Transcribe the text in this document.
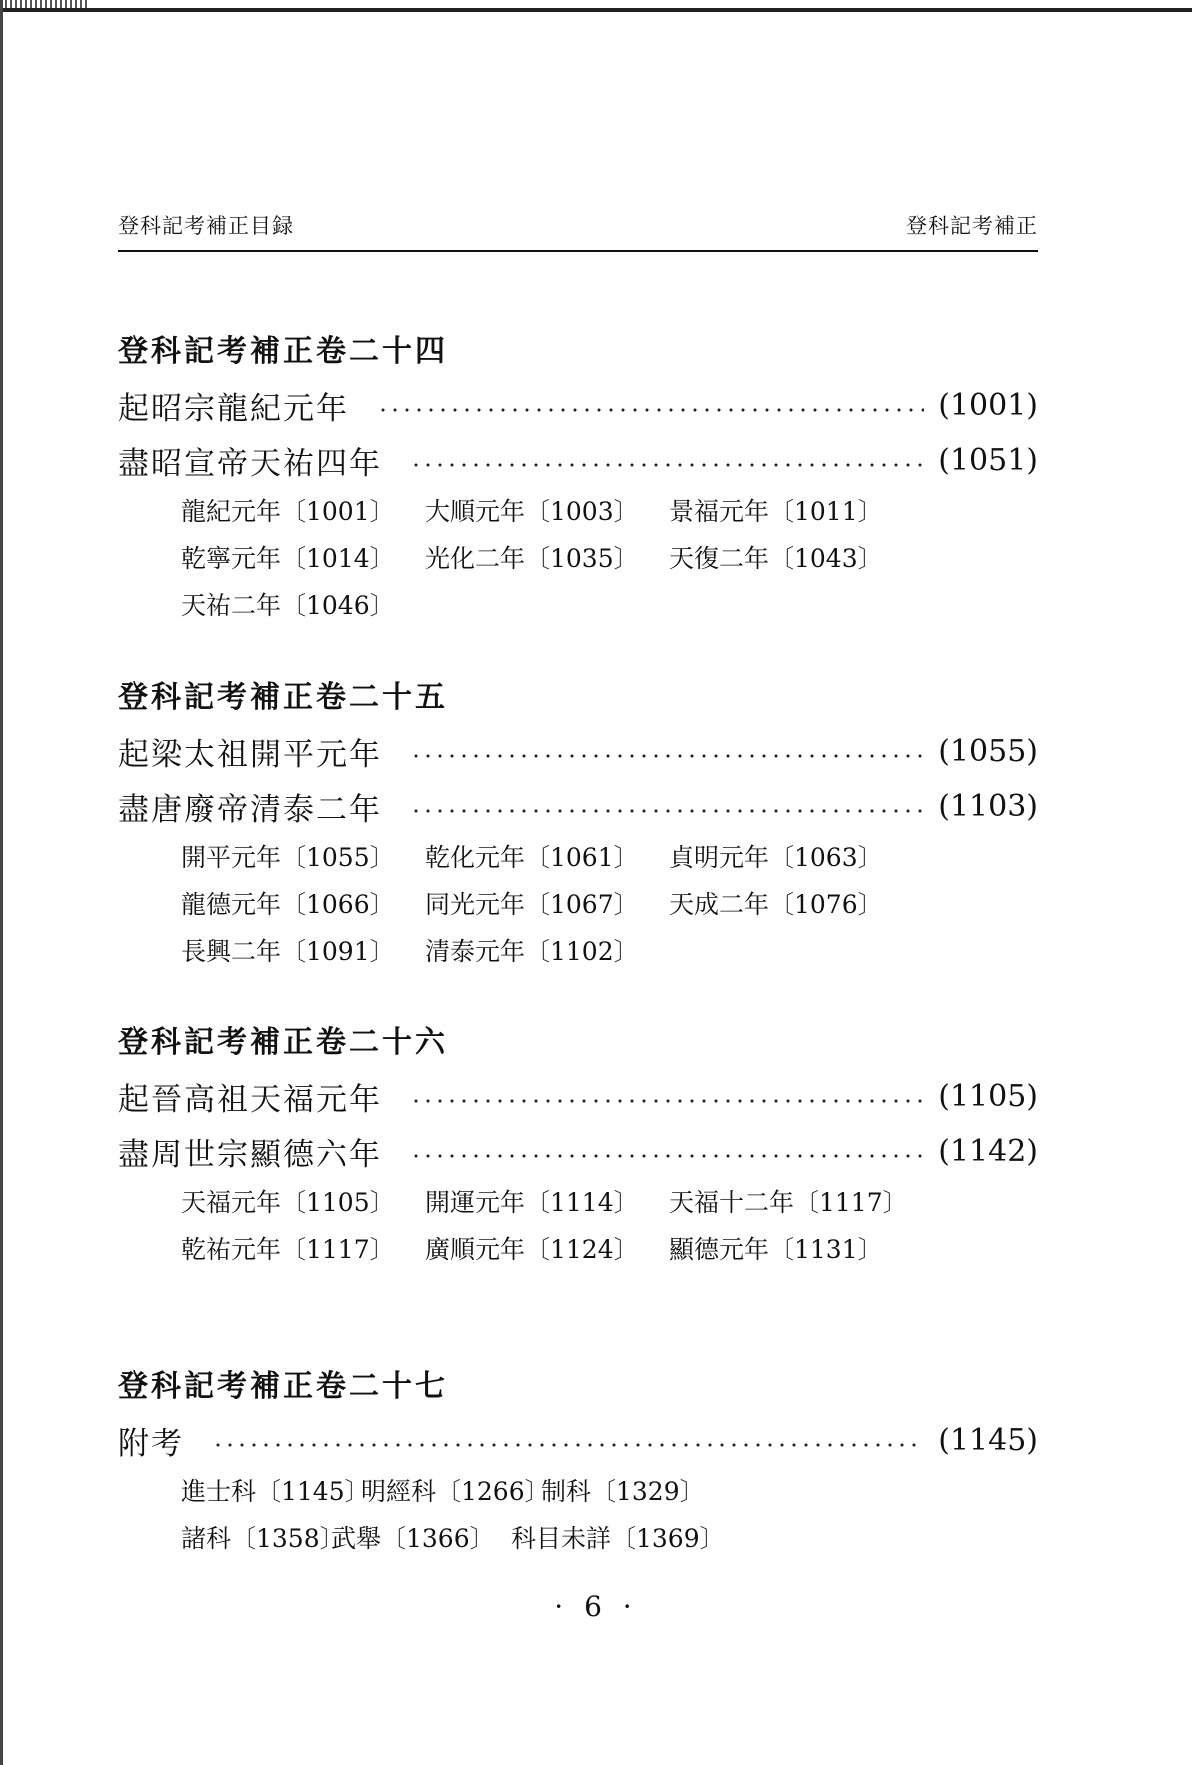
登科記考補正目録	登科記考補正
登科記考補正卷二十四
起昭宗龍紀元年	(1001)
盡昭宣帝天祐四年	(1051)
龍紀元年〔1001〕 大順元年〔1003〕 景福元年〔1011〕
乾寧元年〔1014〕 光化二年〔1035〕 天復二年〔1043〕
天祐二年〔1046〕
登科記考補正卷二十五
起梁太祖開平元年	(1055)
盡唐廢帝清泰二年	(1103)
開平元年〔1055〕 乾化元年〔1061〕 貞明元年〔1063〕
龍德元年〔1066〕 同光元年〔1067〕 天成二年〔1076〕
長興二年〔1091〕 清泰元年〔1102〕
登科記考補正卷二十六
起晉高祖天福元年	(1105)
盡周世宗顯德六年	(1142)
天福元年〔1105〕 開運元年〔1114〕 天福十二年〔1117〕
乾祐元年〔1117〕 廣順元年〔1124〕 顯德元年〔1131〕
登科記考補正卷二十七
附考	(1145)
進士科〔1145〕明經科〔1266〕制科〔1329〕
諸科〔1358〕武舉〔1366〕 科目未詳〔1369〕
· 6 ·
